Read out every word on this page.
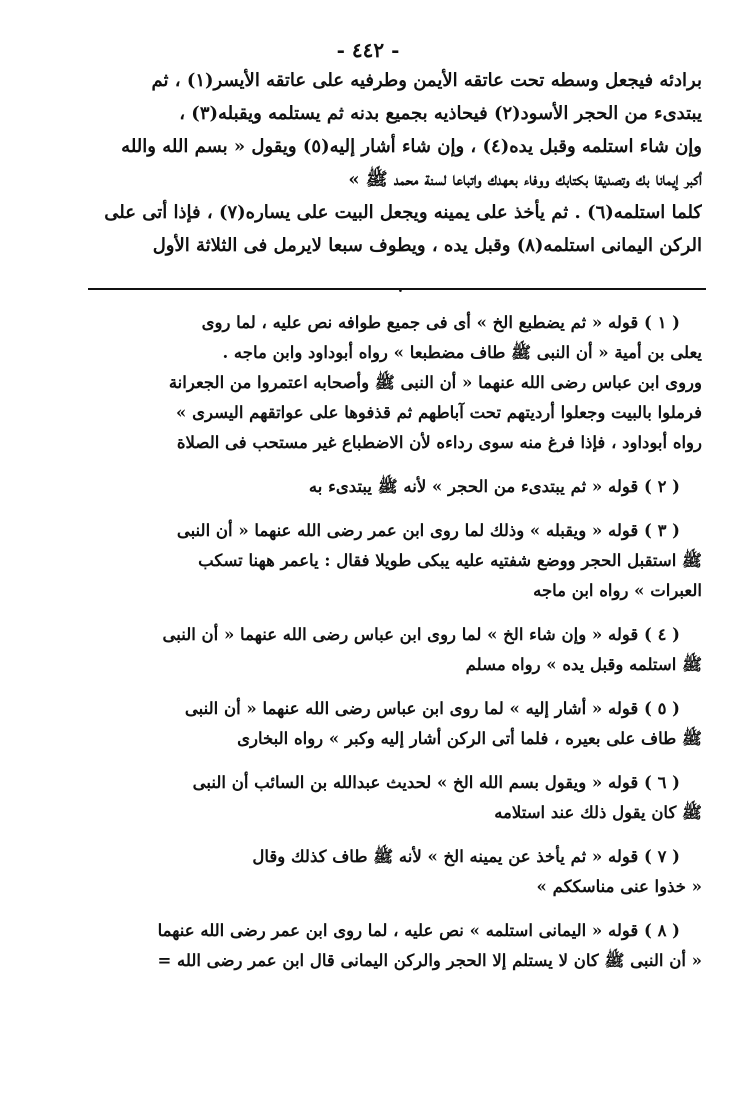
- ٤٤٢ -
برادئه فيجعل وسطه تحت عاتقه الأيمن وطرفيه على عاتقه الأيسر(١) ، ثم
يبتدىء من الحجر الأسود(٢) فيحاذيه بجميع بدنه ثم يستلمه ويقبله(٣) ،
وإن شاء استلمه وقبل يده(٤) ، وإن شاء أشار إليه(٥) ويقول « بسم الله والله
أكبر إيمانا بك وتصديقا بكتابك ووفاء بعهدك واتباعا لسنة محمد ﷺ »
كلما استلمه(٦) . ثم يأخذ على يمينه ويجعل البيت على يساره(٧) ، فإذا أتى على
الركن اليمانى استلمه(٨) وقبل يده ، ويطوف سبعا لايرمل فى الثلاثة الأول
.
( ١ ) قوله « ثم يضطبع الخ » أى فى جميع طوافه نص عليه ، لما روى
يعلى بن أمية « أن النبى ﷺ طاف مضطبعا » رواه أبوداود وابن ماجه .
وروى ابن عباس رضى الله عنهما « أن النبى ﷺ وأصحابه اعتمروا من الجعرانة
فرملوا بالبيت وجعلوا أرديتهم تحت آباطهم ثم قذفوها على عواتقهم اليسرى »
رواه أبوداود ، فإذا فرغ منه سوى رداءه لأن الاضطباع غير مستحب فى الصلاة
( ٢ ) قوله « ثم يبتدىء من الحجر » لأنه ﷺ يبتدىء به
( ٣ ) قوله « ويقبله » وذلك لما روى ابن عمر رضى الله عنهما « أن النبى
ﷺ استقبل الحجر ووضع شفتيه عليه يبكى طويلا فقال : ياعمر ههنا تسكب
العبرات » رواه ابن ماجه
( ٤ ) قوله « وإن شاء الخ » لما روى ابن عباس رضى الله عنهما « أن النبى
ﷺ استلمه وقبل يده » رواه مسلم
( ٥ ) قوله « أشار إليه » لما روى ابن عباس رضى الله عنهما « أن النبى
ﷺ طاف على بعيره ، فلما أتى الركن أشار إليه وكبر » رواه البخارى
( ٦ ) قوله « ويقول بسم الله الخ » لحديث عبدالله بن السائب أن النبى
ﷺ كان يقول ذلك عند استلامه
( ٧ ) قوله « ثم يأخذ عن يمينه الخ » لأنه ﷺ طاف كذلك وقال
« خذوا عنى مناسككم »
( ٨ ) قوله « اليمانى استلمه » نص عليه ، لما روى ابن عمر رضى الله عنهما
« أن النبى ﷺ كان لا يستلم إلا الحجر والركن اليمانى قال ابن عمر رضى الله =
